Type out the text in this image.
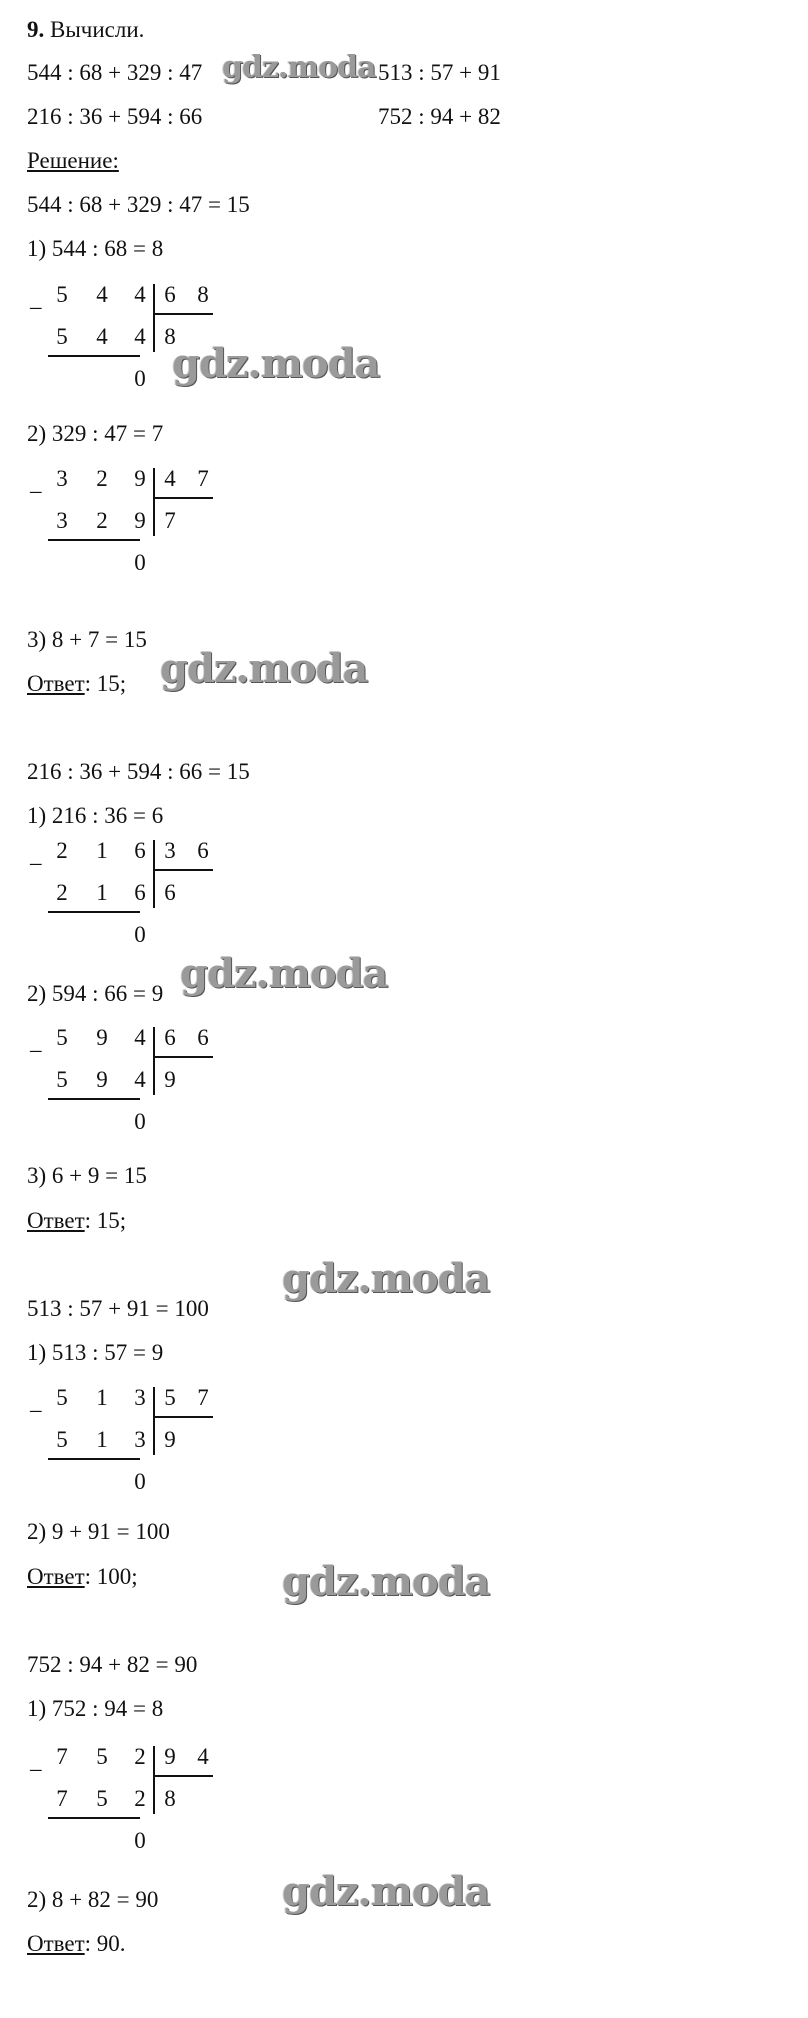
9. Вычисли.
544 : 68 + 329 : 47	513 : 57 + 91
216 : 36 + 594 : 66	752 : 94 + 82
Решение:
544 : 68 + 329 : 47 = 15
1) 544 : 68 = 8
– 5 4 4 6 8
5 4 4 8
0
2) 329 : 47 = 7
– 3 2 9 4 7
3 2 9 7
0
3) 8 + 7 = 15
Ответ: 15;
216 : 36 + 594 : 66 = 15
1) 216 : 36 = 6
– 2 1 6 3 6
2 1 6 6
0
2) 594 : 66 = 9
– 5 9 4 6 6
5 9 4 9
0
3) 6 + 9 = 15
Ответ: 15;
513 : 57 + 91 = 100
1) 513 : 57 = 9
– 5 1 3 5 7
5 1 3 9
0
2) 9 + 91 = 100
Ответ: 100;
752 : 94 + 82 = 90
1) 752 : 94 = 8
– 7 5 2 9 4
7 5 2 8
0
2) 8 + 82 = 90
Ответ: 90.
gdz.moda
gdz.moda
gdz.moda
gdz.moda
gdz.moda
gdz.moda
gdz.moda
